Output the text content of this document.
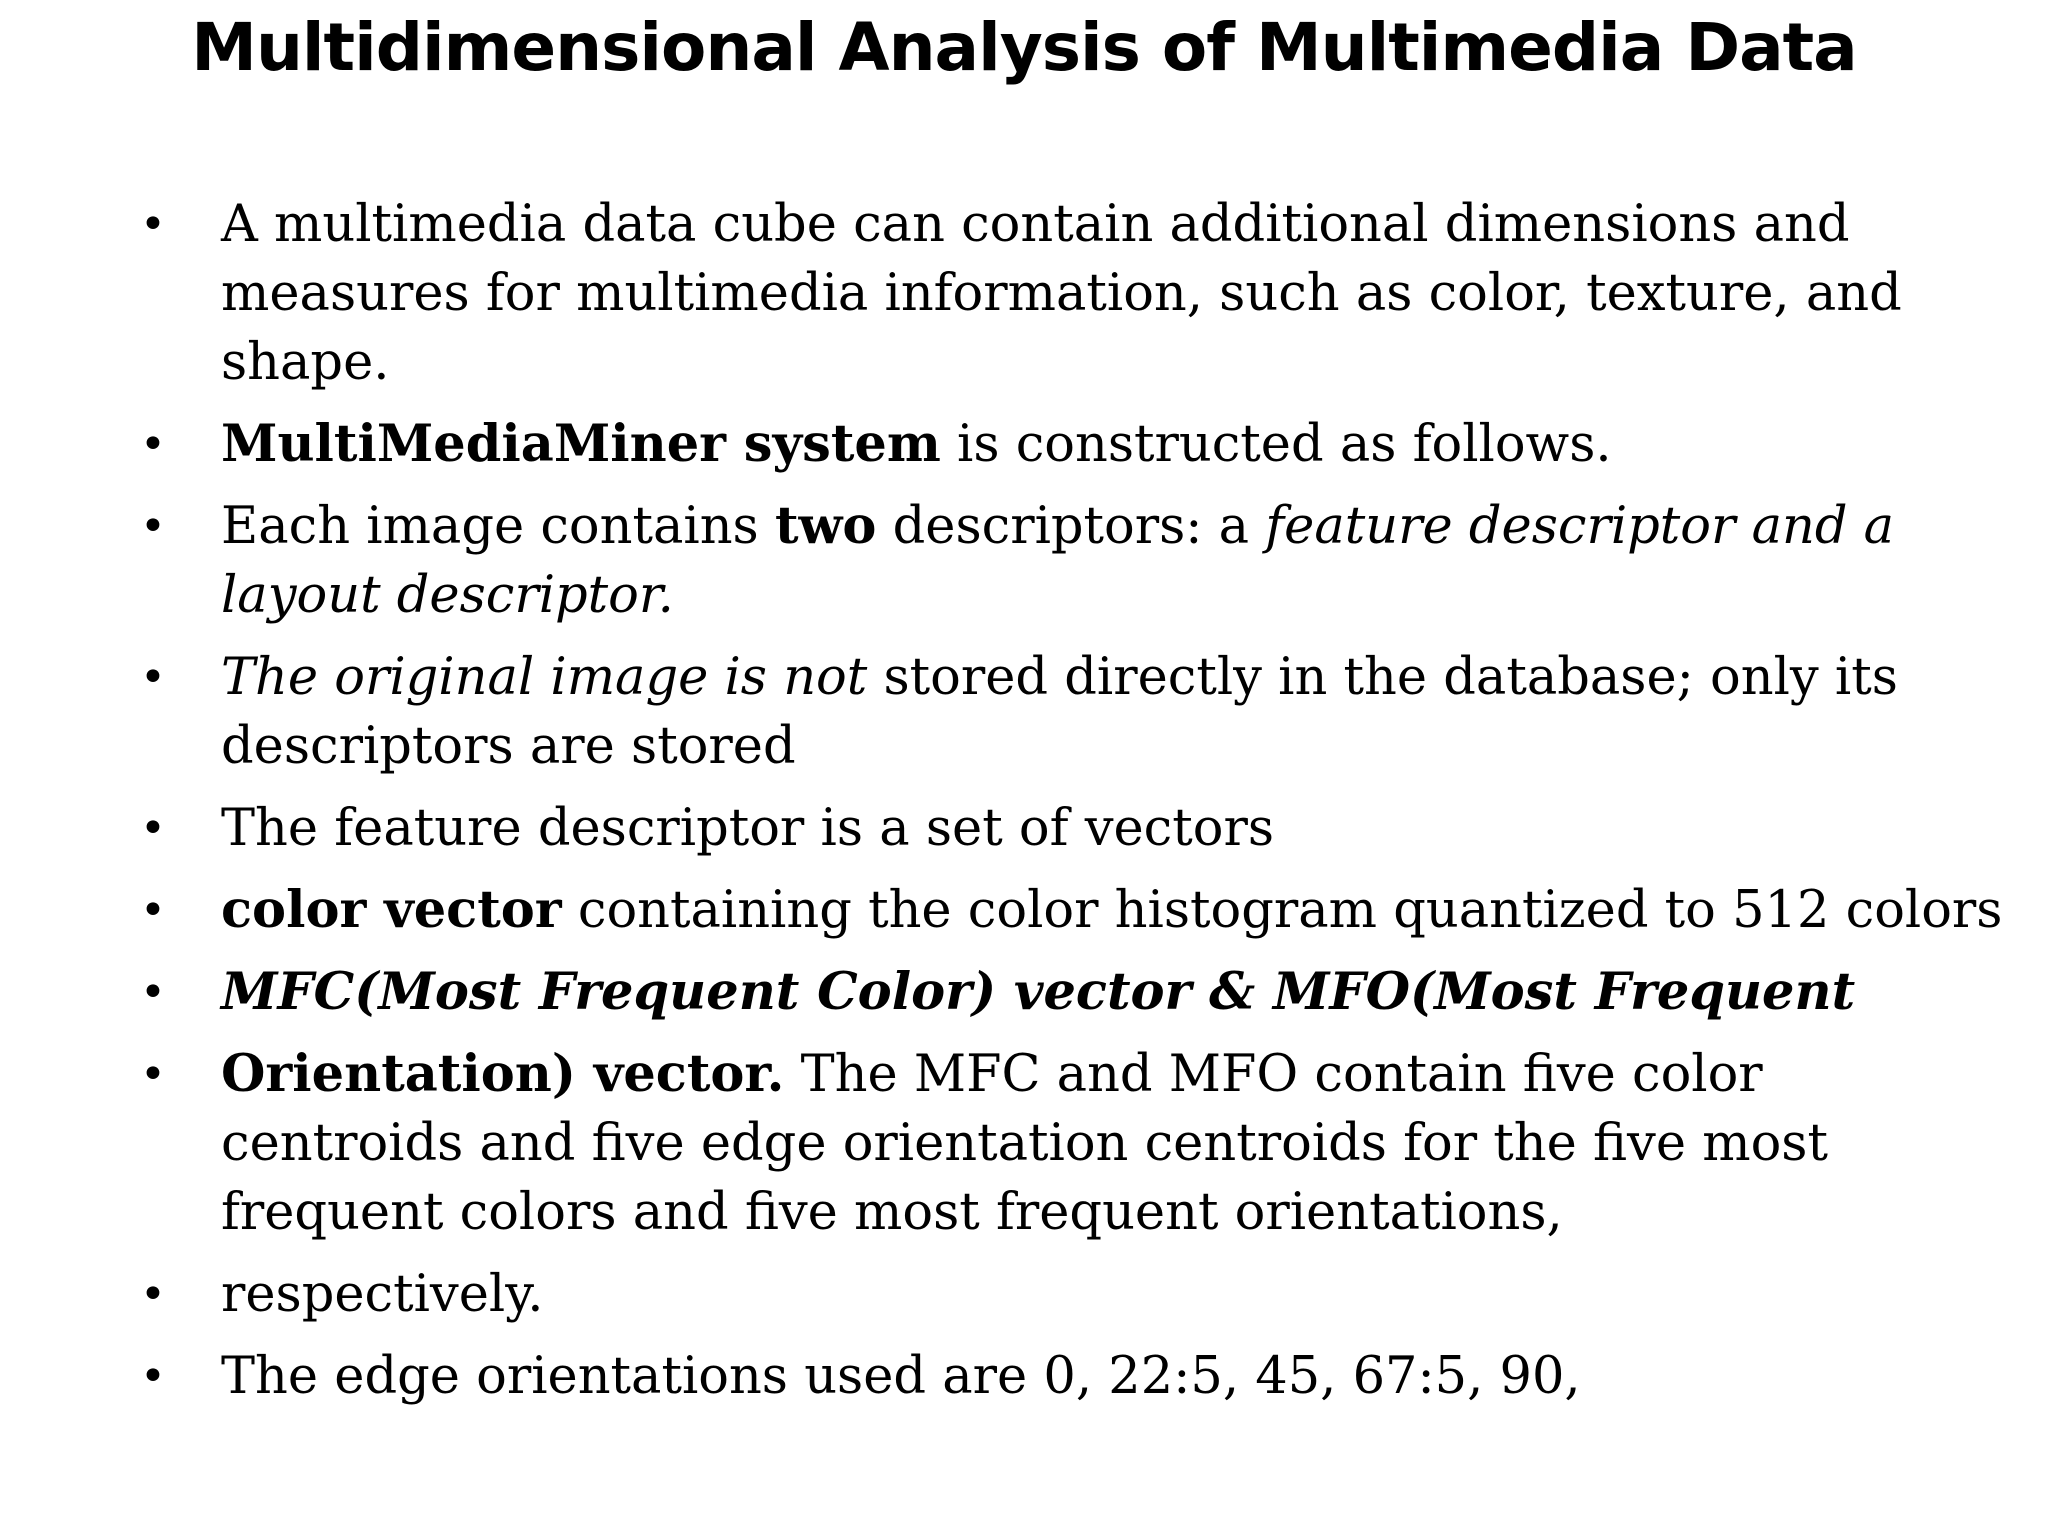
Multidimensional Analysis of Multimedia Data
• A multimedia data cube can contain additional dimensions and measures for multimedia information, such as color, texture, and shape.
• MultiMediaMiner system is constructed as follows.
• Each image contains two descriptors: a feature descriptor and a layout descriptor.
• The original image is not stored directly in the database; only its descriptors are stored
• The feature descriptor is a set of vectors
• color vector containing the color histogram quantized to 512 colors
• MFC(Most Frequent Color) vector & MFO(Most Frequent
• Orientation) vector. The MFC and MFO contain five color centroids and five edge orientation centroids for the five most frequent colors and five most frequent orientations,
• respectively.
• The edge orientations used are 0, 22:5, 45, 67:5, 90,
